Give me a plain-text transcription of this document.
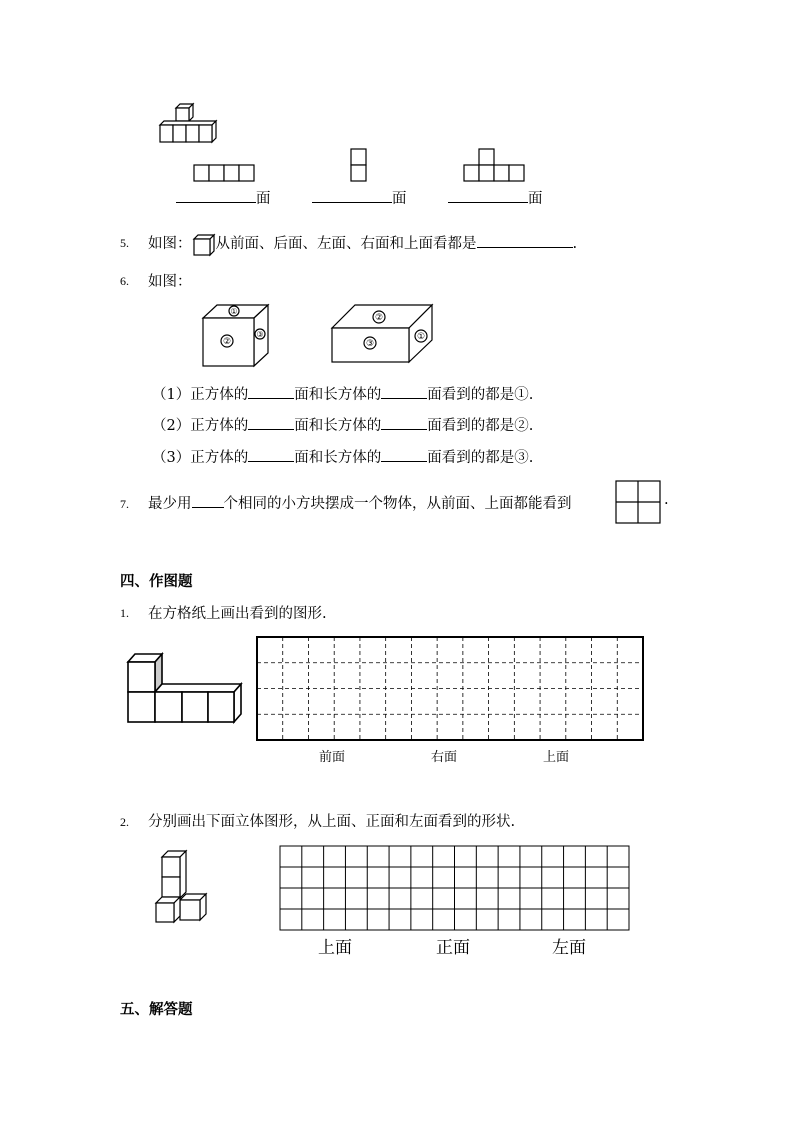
面	面	面
5. 如图： 从前面、后面、左面、右面和上面看都是	.
6. 如图：
①
②
③
②
③
①
（1）正方体的	面和长方体的	面看到的都是①.
（2）正方体的	面和长方体的	面看到的都是②.
（3）正方体的	面和长方体的	面看到的都是③.
7. 最少用 个相同的小方块摆成一个物体，从前面、上面都能看到	.
四、作图题
1. 在方格纸上画出看到的图形.
前面	右面	上面
2. 分别画出下面立体图形，从上面、正面和左面看到的形状.
上面	正面	左面
五、解答题
